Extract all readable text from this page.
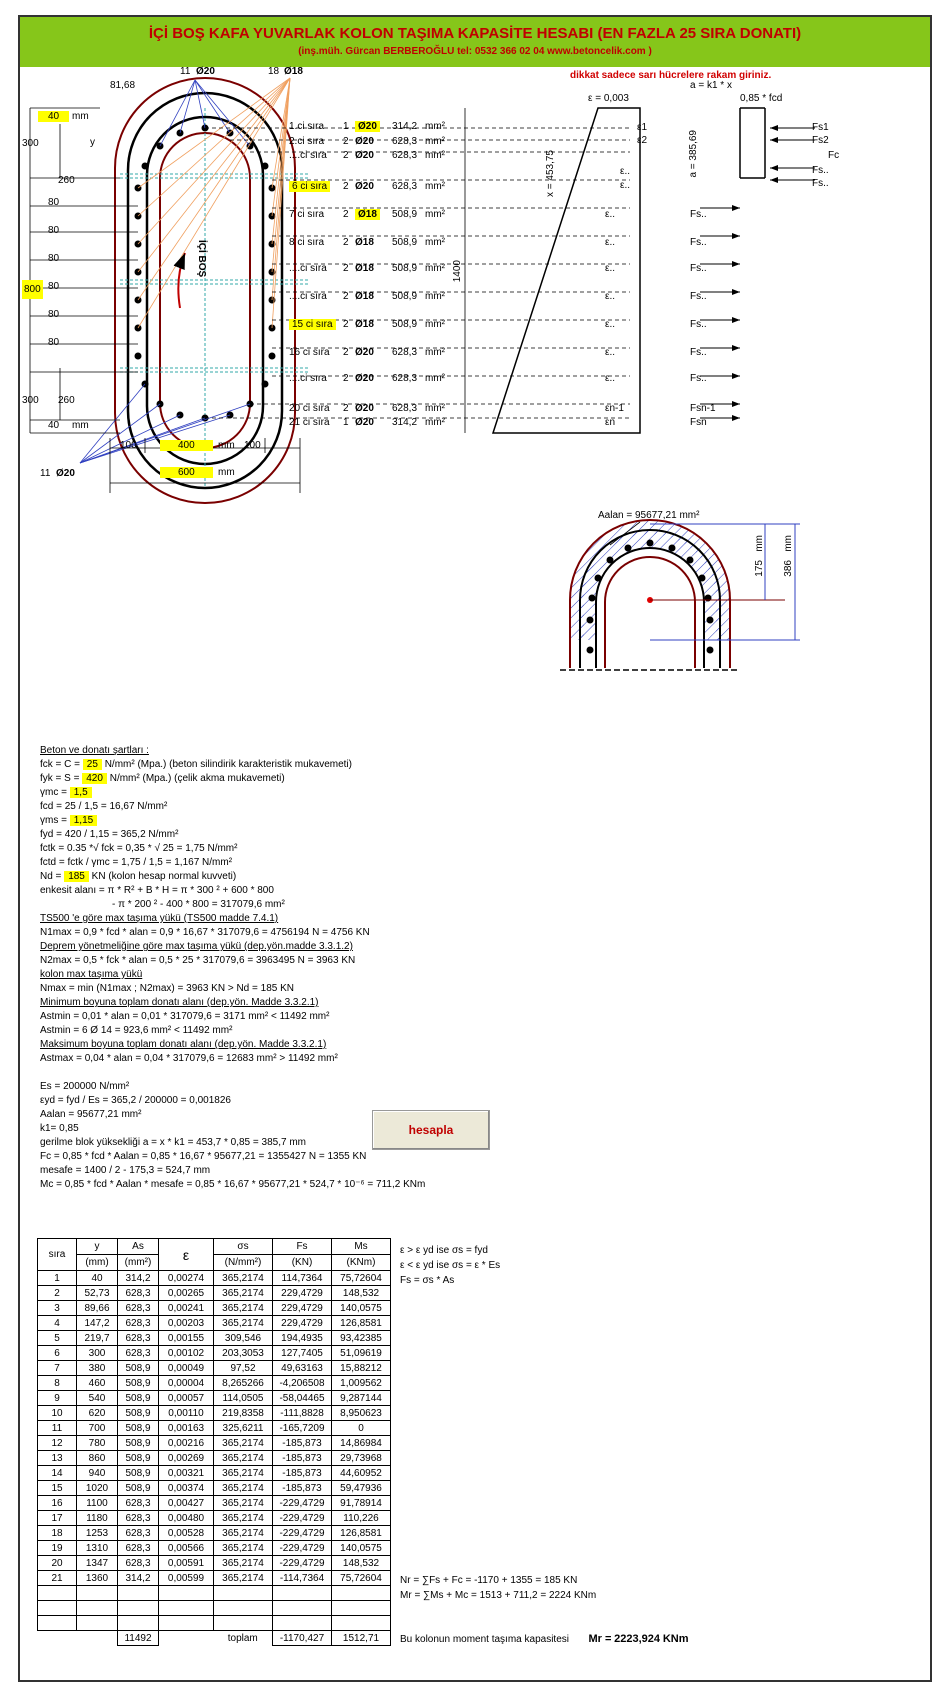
İÇİ BOŞ KAFA YUVARLAK KOLON TAŞIMA KAPASİTE HESABI (EN FAZLA 25 SIRA DONATI)
(inş.müh. Gürcan BERBEROĞLU tel: 0532 366 02 04 www.betoncelik.com )
dikkat sadece sarı hücrelere rakam giriniz.
40	mm
y
81,68
11 Ø20	18 Ø18
11 Ø20
300
260
80
80
80
800 80
80
80
300 260
40 mm
İÇİ BOŞ
100	400	mm 100
600	mm
1400
1.ci sıra 1 Ø20	314,2 mm²
2.ci sıra 2 Ø20 628,3 mm²
....ci sıra 2 Ø20 628,3 mm²
6 ci sıra	2 Ø20 628,3 mm²
7 ci sıra 2 Ø18	508,9 mm²
8 ci sıra 2 Ø18 508,9 mm²
....ci sıra 2 Ø18 508,9 mm²
....ci sıra 2 Ø18 508,9 mm²
15 ci sıra	2 Ø18 508,9 mm²
16 ci sıra 2 Ø20 628,3 mm²
....ci sıra 2 Ø20 628,3 mm²
20 ci sıra 2 Ø20 628,3 mm²
21 ci sıra 1 Ø20 314,2 mm²
ε = 0,003
a = k1 * x
0,85 * fcd
x = 453,75	a = 385,69
ε1
ε2
Fs1
Fs2
Fc
Fs..
Fs..
ε..
ε..
ε..	Fs..
ε..	Fs..
ε..	Fs..
ε..	Fs..
ε..	Fs..
ε..	Fs..
ε..	Fs..
εn-1	Fsn-1
εn	Fsn
Aalan = 95677,21 mm²
175
mm
386
mm
Beton ve donatı şartları :
fck = C = 25 N/mm² (Mpa.) (beton silindirik karakteristik mukavemeti)
fyk = S = 420 N/mm² (Mpa.) (çelik akma mukavemeti)
γmc = 1,5
fcd = 25 / 1,5 = 16,67 N/mm²
γms = 1,15
fyd = 420 / 1,15 = 365,2 N/mm²
fctk = 0.35 *√ fck = 0,35 * √ 25 = 1,75 N/mm²
fctd = fctk / γmc = 1,75 / 1,5 = 1,167 N/mm²
Nd = 185 KN (kolon hesap normal kuvveti)
enkesit alanı = π * R² + B * H = π * 300 ² + 600 * 800
- π * 200 ² - 400 * 800 = 317079,6 mm²
TS500 'e göre max taşıma yükü (TS500 madde 7.4.1)
N1max = 0,9 * fcd * alan = 0,9 * 16,67 * 317079,6 = 4756194 N = 4756 KN
Deprem yönetmeliğine göre max taşıma yükü (dep.yön.madde 3.3.1.2)
N2max = 0,5 * fck * alan = 0,5 * 25 * 317079,6 = 3963495 N = 3963 KN
kolon max taşıma yükü
Nmax = min (N1max ; N2max) = 3963 KN > Nd = 185 KN
Minimum boyuna toplam donatı alanı (dep.yön. Madde 3.3.2.1)
Astmin = 0,01 * alan = 0,01 * 317079,6 = 3171 mm² < 11492 mm²
Astmin = 6 Ø 14 = 923,6 mm² < 11492 mm²
Maksimum boyuna toplam donatı alanı (dep.yön. Madde 3.3.2.1)
Astmax = 0,04 * alan = 0,04 * 317079,6 = 12683 mm² > 11492 mm²
Es = 200000 N/mm²
εyd = fyd / Es = 365,2 / 200000 = 0,001826
Aalan = 95677,21 mm²
k1= 0,85
gerilme blok yüksekliği a = x * k1 = 453,7 * 0,85 = 385,7 mm
Fc = 0,85 * fcd * Aalan = 0,85 * 16,67 * 95677,21 = 1355427 N = 1355 KN
mesafe = 1400 / 2 - 175,3 = 524,7 mm
Mc = 0,85 * fcd * Aalan * mesafe = 0,85 * 16,67 * 95677,21 * 524,7 * 10⁻⁶ = 711,2 KNm
hesapla
sıra	y	As	ε	σs	Fs	Ms
	(mm)	(mm²)		(N/mm²)	(KN)	(KNm)
1	40	314,2	0,00274	365,2174	114,7364	75,72604
2	52,73	628,3	0,00265	365,2174	229,4729	148,532
3	89,66	628,3	0,00241	365,2174	229,4729	140,0575
4	147,2	628,3	0,00203	365,2174	229,4729	126,8581
5	219,7	628,3	0,00155	309,546	194,4935	93,42385
6	300	628,3	0,00102	203,3053	127,7405	51,09619
7	380	508,9	0,00049	97,52	49,63163	15,88212
8	460	508,9	0,00004	8,265266	-4,206508	1,009562
9	540	508,9	0,00057	114,0505	-58,04465	9,287144
10	620	508,9	0,00110	219,8358	-111,8828	8,950623
11	700	508,9	0,00163	325,6211	-165,7209	0
12	780	508,9	0,00216	365,2174	-185,873	14,86984
13	860	508,9	0,00269	365,2174	-185,873	29,73968
14	940	508,9	0,00321	365,2174	-185,873	44,60952
15	1020	508,9	0,00374	365,2174	-185,873	59,47936
16	1100	628,3	0,00427	365,2174	-229,4729	91,78914
17	1180	628,3	0,00480	365,2174	-229,4729	110,226
18	1253	628,3	0,00528	365,2174	-229,4729	126,8581
19	1310	628,3	0,00566	365,2174	-229,4729	140,0575
20	1347	628,3	0,00591	365,2174	-229,4729	148,532
21	1360	314,2	0,00599	365,2174	-114,7364	75,72604

		11492		toplam	-1170,427	1512,71
ε > ε yd ise σs = fyd
ε < ε yd ise σs = ε * Es
Fs = σs * As
Nr = ∑Fs + Fc = -1170 + 1355 = 185 KN
Mr = ∑Ms + Mc = 1513 + 711,2 = 2224 KNm
Bu kolonun moment taşıma kapasitesi Mr = 2223,924 KNm
